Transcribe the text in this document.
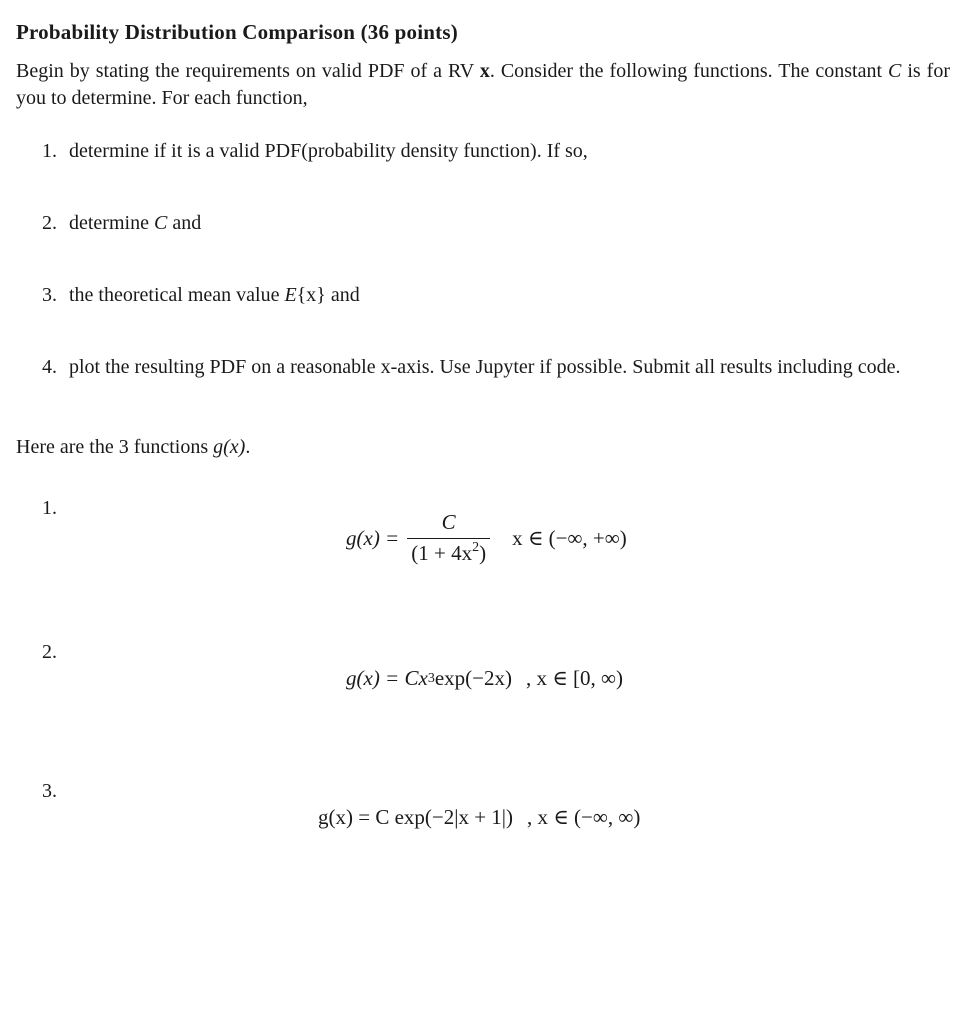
Probability Distribution Comparison (36 points)
Begin by stating the requirements on valid PDF of a RV x. Consider the following functions. The constant C is for you to determine. For each function,
1. determine if it is a valid PDF(probability density function). If so,
2. determine C and
3. the theoretical mean value E{x} and
4. plot the resulting PDF on a reasonable x-axis. Use Jupyter if possible. Submit all results including code.
Here are the 3 functions g(x).
1.
$g(x) = \frac{C}{(1 + 4x^2)}$ x ∈ (−∞, +∞)
2.
g(x) = Cx 3 exp(−2x) , x ∈ [0, ∞)
3.
g(x) = C exp(−2|x + 1|) , x ∈ (−∞, ∞)
